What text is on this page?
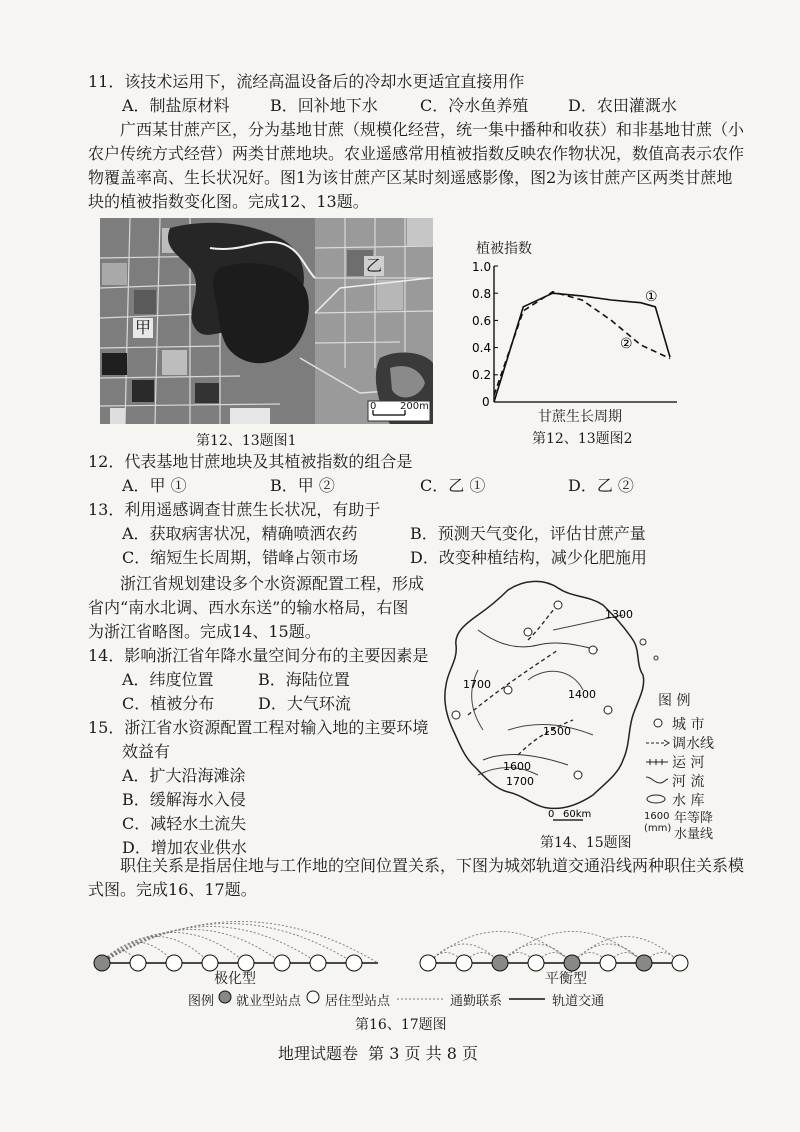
11．该技术运用下，流经高温设备后的冷却水更适宜直接用作
A．制盐原材料	B．回补地下水	C．冷水鱼养殖 D．农田灌溉水
广西某甘蔗产区，分为基地甘蔗（规模化经营，统一集中播种和收获）和非基地甘蔗（小
农户传统方式经营）两类甘蔗地块。农业遥感常用植被指数反映农作物状况，数值高表示农作
物覆盖率高、生长状况好。图1为该甘蔗产区某时刻遥感影像，图2为该甘蔗产区两类甘蔗地
块的植被指数变化图。完成12、13题。
甲
乙
0 200m
第12、13题图1
植被指数
1.0
0.8
0.6
0.4
0.2
0
①
②
甘蔗生长周期
第12、13题图2
12．代表基地甘蔗地块及其植被指数的组合是
A．甲 ①	B．甲 ②	C．乙 ①	D．乙 ②
13．利用遥感调查甘蔗生长状况，有助于
A．获取病害状况，精确喷洒农药	B．预测天气变化，评估甘蔗产量
C．缩短生长周期，错峰占领市场	D．改变种植结构，减少化肥施用
浙江省规划建设多个水资源配置工程，形成
省内“南水北调、西水东送”的输水格局，右图
为浙江省略图。完成14、15题。
14．影响浙江省年降水量空间分布的主要因素是
A．纬度位置	B．海陆位置
C．植被分布	D．大气环流
15．浙江省水资源配置工程对输入地的主要环境
效益有
A．扩大沿海滩涂
B．缓解海水入侵
C．减轻水土流失
D．增加农业供水
1300
1400
1500
1600
1700
1700
0 60km
图 例
城 市
调水线
运 河
河 流
水 库
1600
(mm)
年等降
水量线
第14、15题图
职住关系是指居住地与工作地的空间位置关系，下图为城郊轨道交通沿线两种职住关系模
式图。完成16、17题。
极化型	平衡型
图例 就业型站点 居住型站点	通勤联系	轨道交通
第16、17题图
地理试题卷  第 3 页 共 8 页
